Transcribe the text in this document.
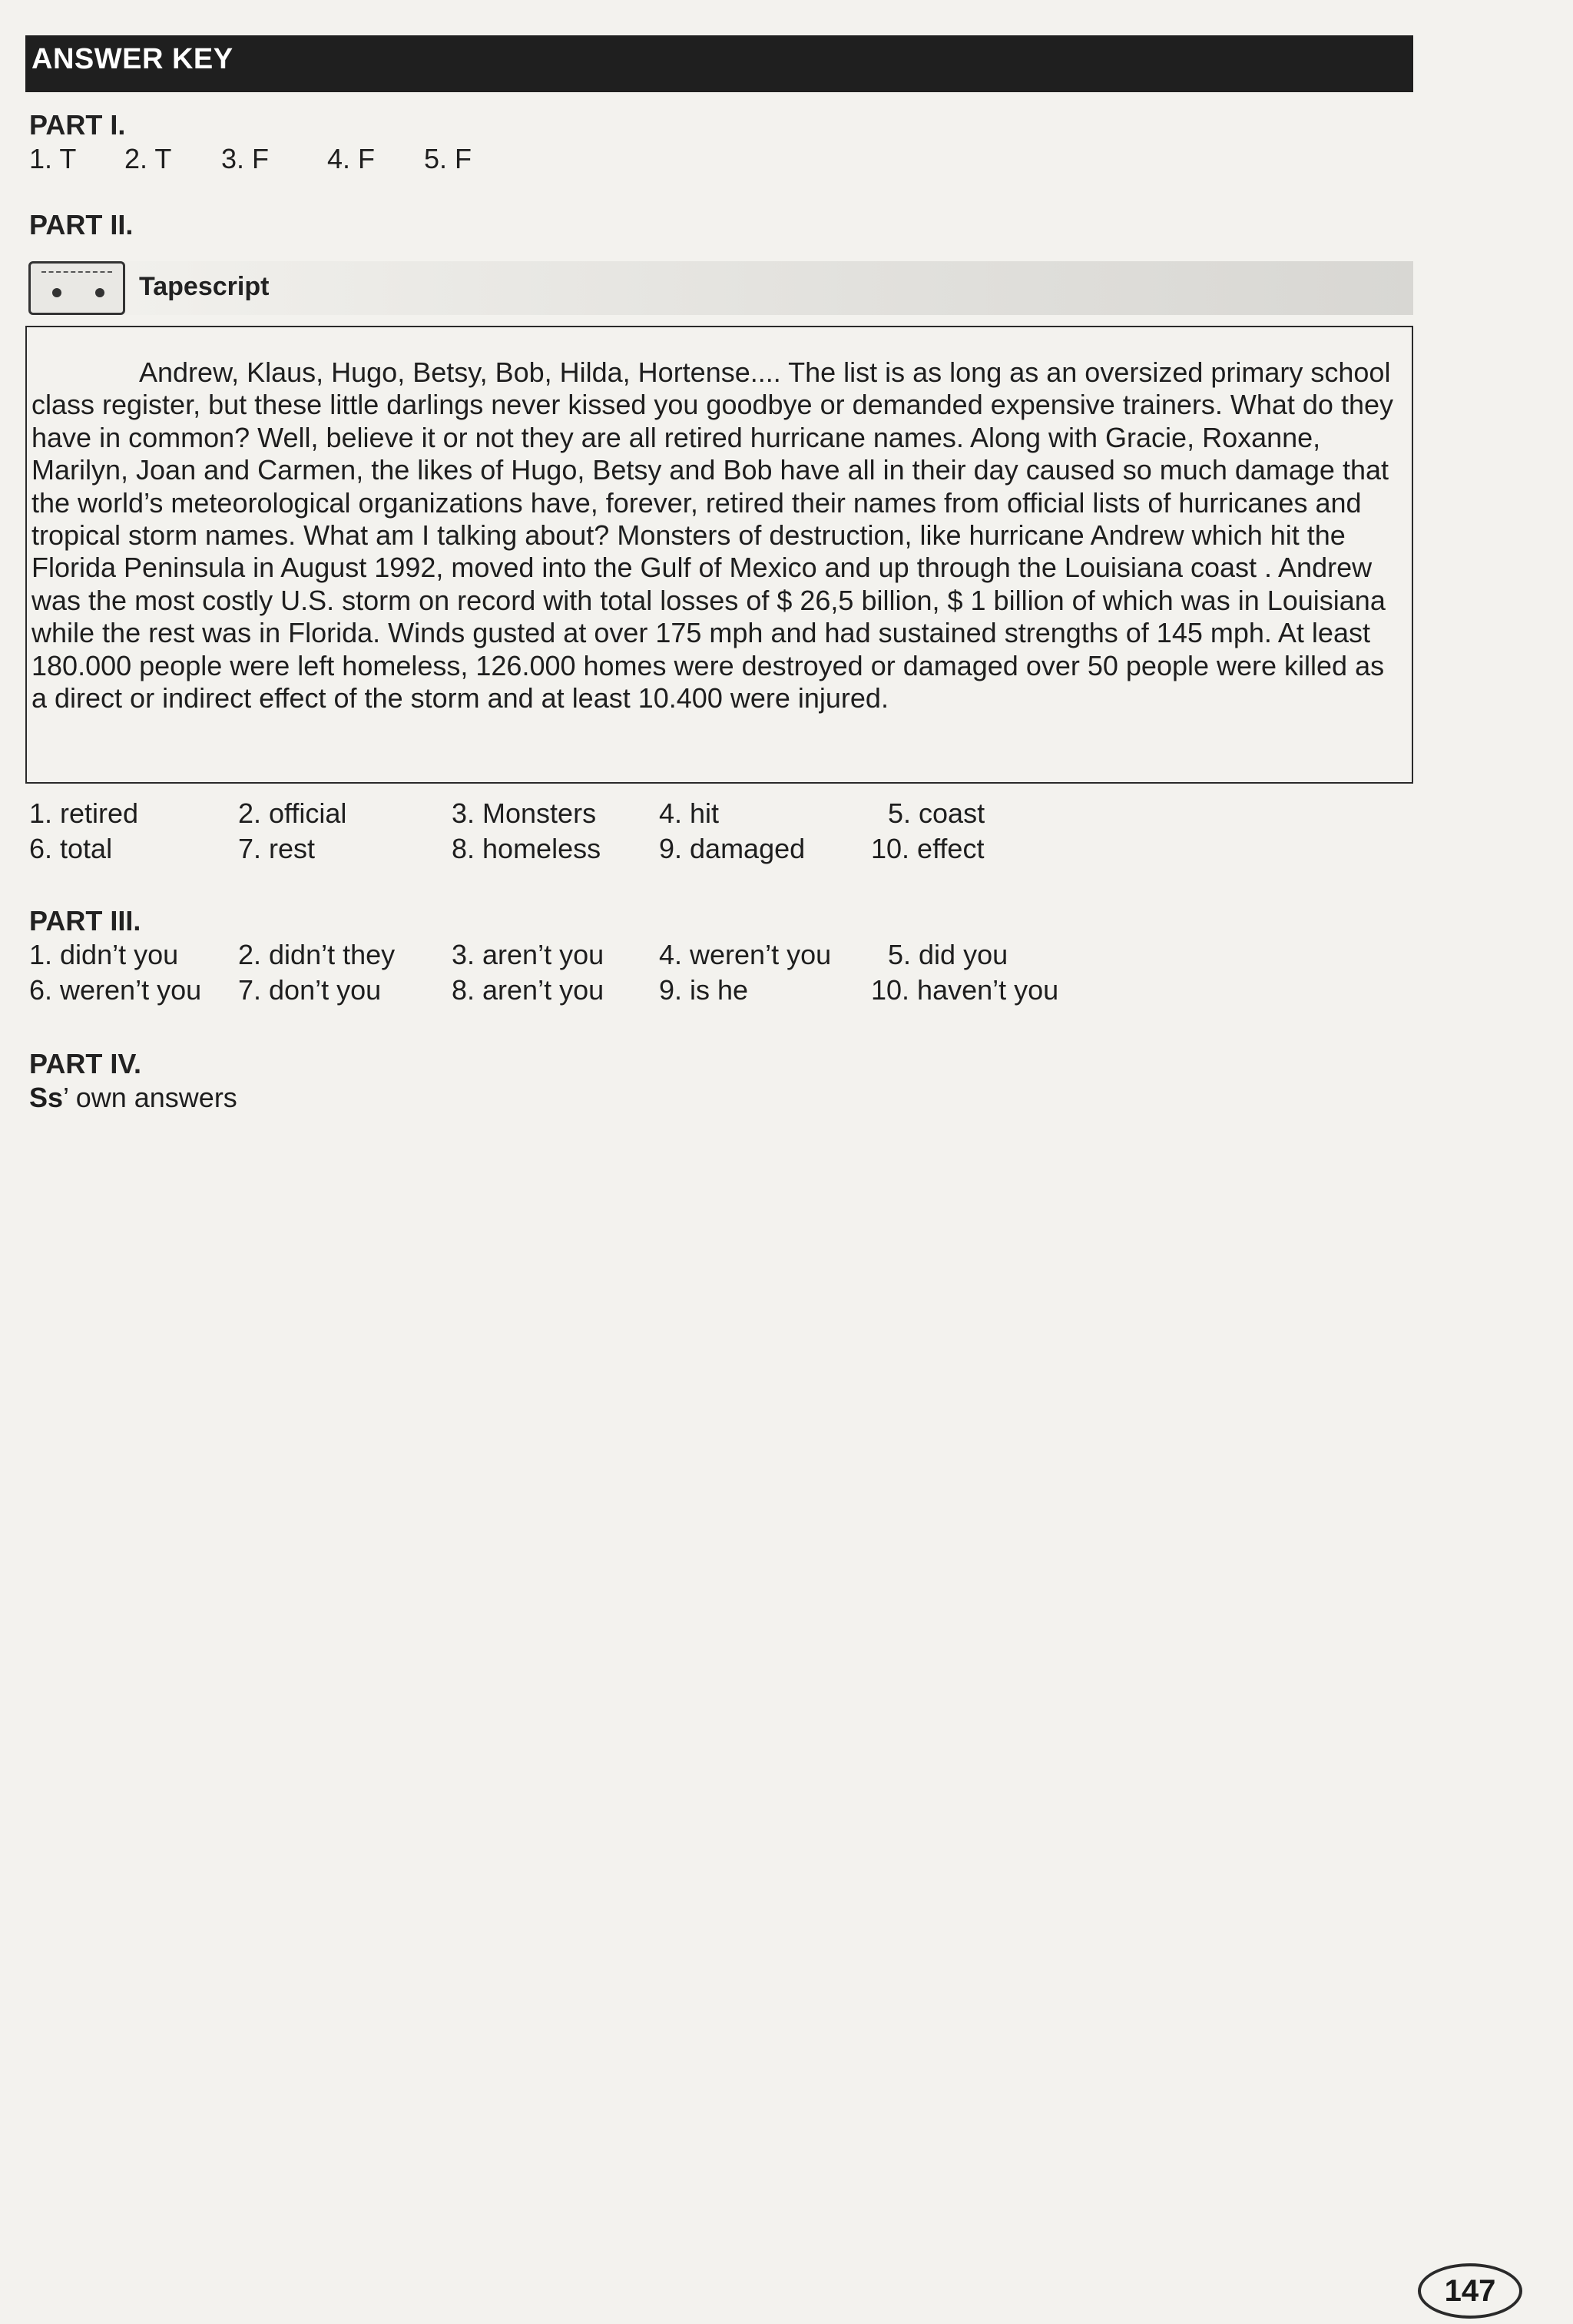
ANSWER KEY
PART I.
1. T 2. T 3. F 4. F 5. F
PART II.
Tapescript
Andrew, Klaus, Hugo, Betsy, Bob, Hilda, Hortense.... The list is as long as an oversized primary school class register, but these little darlings never kissed you goodbye or demanded expensive trainers. What do they have in common? Well, believe it or not they are all retired hurricane names. Along with Gracie, Roxanne, Marilyn, Joan and Carmen, the likes of Hugo, Betsy and Bob have all in their day caused so much damage that the world’s meteorological organizations have, forever, retired their names from official lists of hurricanes and tropical storm names. What am I talking about? Monsters of destruction, like hurricane Andrew which hit the Florida Peninsula in August 1992, moved into the Gulf of Mexico and up through the Louisiana coast . Andrew was the most costly U.S. storm on record with total losses of $ 26,5 billion, $ 1 billion of which was in Louisiana while the rest was in Florida. Winds gusted at over 175 mph and had sustained strengths of 145 mph. At least 180.000 people were left homeless, 126.000 homes were destroyed or damaged over 50 people were killed as a direct or indirect effect of the storm and at least 10.400 were injured.
1. retired	2. official	3. Monsters 4. hit	5. coast
6. total	7. rest	8. homeless 9. damaged 10. effect
PART III.
1. didn’t you 2. didn’t they 3. aren’t you 4. weren’t you 5. did you
6. weren’t you 7. don’t you	8. aren’t you 9. is he	10. haven’t you
PART IV.
Ss’ own answers
147
